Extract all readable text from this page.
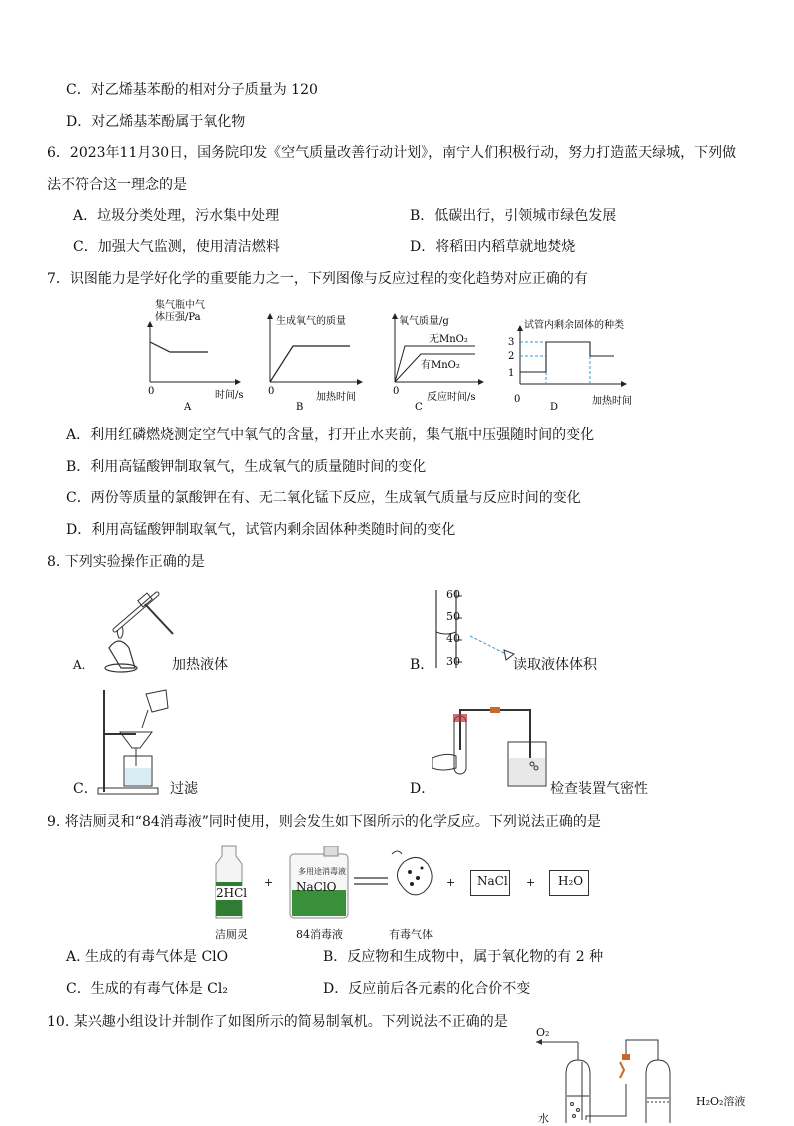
C．对乙烯基苯酚的相对分子质量为 120
D．对乙烯基苯酚属于氧化物
6．2023年11月30日，国务院印发《空气质量改善行动计划》，南宁人们积极行动，努力打造蓝天绿城，下列做
法不符合这一理念的是
A．垃圾分类处理，污水集中处理	B．低碳出行，引领城市绿色发展
C．加强大气监测，使用清洁燃料	D．将稻田内稻草就地焚烧
7．识图能力是学好化学的重要能力之一，下列图像与反应过程的变化趋势对应正确的有
集气瓶中气
体压强/Pa
0	时间/s
A
生成氧气的质量
0
加热时间
B
氧气质量/g
无MnO₂
有MnO₂
0
反应时间/s
C
试管内剩余固体的种类
3
2
1
0	加热时间
D
A．利用红磷燃烧测定空气中氧气的含量，打开止水夹前，集气瓶中压强随时间的变化
B．利用高锰酸钾制取氧气，生成氧气的质量随时间的变化
C．两份等质量的氯酸钾在有、无二氧化锰下反应，生成氧气质量与反应时间的变化
D．利用高锰酸钾制取氧气，试管内剩余固体种类随时间的变化
8. 下列实验操作正确的是
A.	加热液体
60
50
40
30
B．	读取液体体积
C．	过滤	D．	检查装置气密性
9. 将洁厕灵和“84消毒液”同时使用，则会发生如下图所示的化学反应。下列说法正确的是
2HCl
洁厕灵
+
多用途消毒液
NaClO
84消毒液	有毒气体
+ NaCl + H₂O
A. 生成的有毒气体是 ClO	B．反应物和生成物中，属于氧化物的有 2 种
C．生成的有毒气体是 Cl₂	D．反应前后各元素的化合价不变
10. 某兴趣小组设计并制作了如图所示的简易制氧机。下列说法不正确的是
O₂
H₂O₂溶液
水
